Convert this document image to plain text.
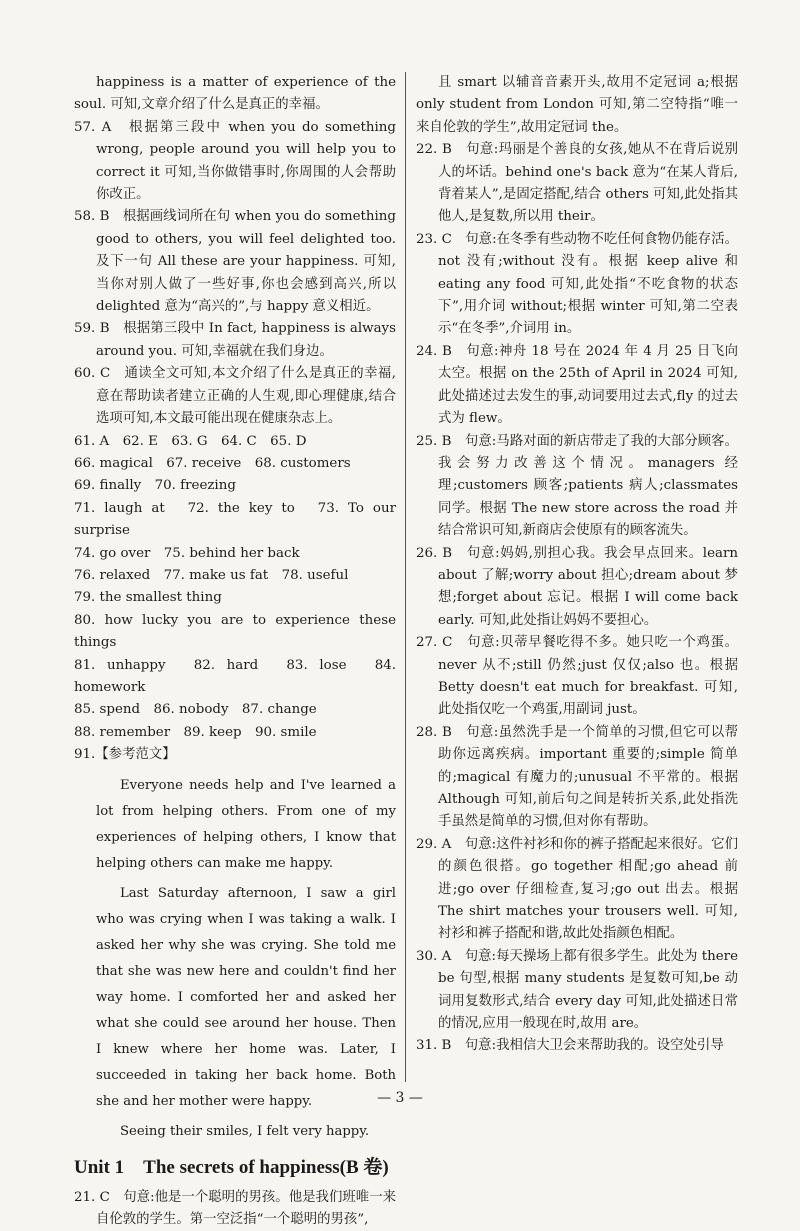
happiness is a matter of experience of the soul. 可知,文章介绍了什么是真正的幸福。

57. A　根据第三段中 when you do something wrong, people around you will help you to correct it 可知,当你做错事时,你周围的人会帮助你改正。

58. B　根据画线词所在句 when you do something good to others, you will feel delighted too. 及下一句 All these are your happiness. 可知,当你对别人做了一些好事,你也会感到高兴,所以 delighted 意为“高兴的”,与 happy 意义相近。

59. B　根据第三段中 In fact, happiness is always around you. 可知,幸福就在我们身边。

60. C　通读全文可知,本文介绍了什么是真正的幸福,意在帮助读者建立正确的人生观,即心理健康,结合选项可知,本文最可能出现在健康杂志上。

61. A　62. E　63. G　64. C　65. D

66. magical　67. receive　68. customers

69. finally　70. freezing

71. laugh at　72. the key to　73. To our surprise

74. go over　75. behind her back

76. relaxed　77. make us fat　78. useful

79. the smallest thing

80. how lucky you are to experience these things

81. unhappy　82. hard　83. lose　84. homework

85. spend　86. nobody　87. change

88. remember　89. keep　90. smile

91.【参考范文】

Everyone needs help and I've learned a lot from helping others. From one of my experiences of helping others, I know that helping others can make me happy.

Last Saturday afternoon, I saw a girl who was crying when I was taking a walk. I asked her why she was crying. She told me that she was new here and couldn't find her way home. I comforted her and asked her what she could see around her house. Then I knew where her home was. Later, I succeeded in taking her back home. Both she and her mother were happy.

Seeing their smiles, I felt very happy.

Unit 1　The secrets of happiness(B 卷)

21. C　句意:他是一个聪明的男孩。他是我们班唯一来自伦敦的学生。第一空泛指“一个聪明的男孩”,

且 smart 以辅音音素开头,故用不定冠词 a;根据 only student from London 可知,第二空特指“唯一来自伦敦的学生”,故用定冠词 the。

22. B　句意:玛丽是个善良的女孩,她从不在背后说别人的坏话。behind one's back 意为“在某人背后,背着某人”,是固定搭配,结合 others 可知,此处指其他人,是复数,所以用 their。

23. C　句意:在冬季有些动物不吃任何食物仍能存活。not 没有;without 没有。根据 keep alive 和 eating any food 可知,此处指“不吃食物的状态下”,用介词 without;根据 winter 可知,第二空表示“在冬季”,介词用 in。

24. B　句意:神舟 18 号在 2024 年 4 月 25 日飞向太空。根据 on the 25th of April in 2024 可知,此处描述过去发生的事,动词要用过去式,fly 的过去式为 flew。

25. B　句意:马路对面的新店带走了我的大部分顾客。我会努力改善这个情况。managers 经理;customers 顾客;patients 病人;classmates 同学。根据 The new store across the road 并结合常识可知,新商店会使原有的顾客流失。

26. B　句意:妈妈,别担心我。我会早点回来。learn about 了解;worry about 担心;dream about 梦想;forget about 忘记。根据 I will come back early. 可知,此处指让妈妈不要担心。

27. C　句意:贝蒂早餐吃得不多。她只吃一个鸡蛋。never 从不;still 仍然;just 仅仅;also 也。根据 Betty doesn't eat much for breakfast. 可知,此处指仅吃一个鸡蛋,用副词 just。

28. B　句意:虽然洗手是一个简单的习惯,但它可以帮助你远离疾病。important 重要的;simple 简单的;magical 有魔力的;unusual 不平常的。根据 Although 可知,前后句之间是转折关系,此处指洗手虽然是简单的习惯,但对你有帮助。

29. A　句意:这件衬衫和你的裤子搭配起来很好。它们的颜色很搭。go together 相配;go ahead 前进;go over 仔细检查,复习;go out 出去。根据 The shirt matches your trousers well. 可知,衬衫和裤子搭配和谐,故此处指颜色相配。

30. A　句意:每天操场上都有很多学生。此处为 there be 句型,根据 many students 是复数可知,be 动词用复数形式,结合 every day 可知,此处描述日常的情况,应用一般现在时,故用 are。

31. B　句意:我相信大卫会来帮助我的。设空处引导

— 3 —
